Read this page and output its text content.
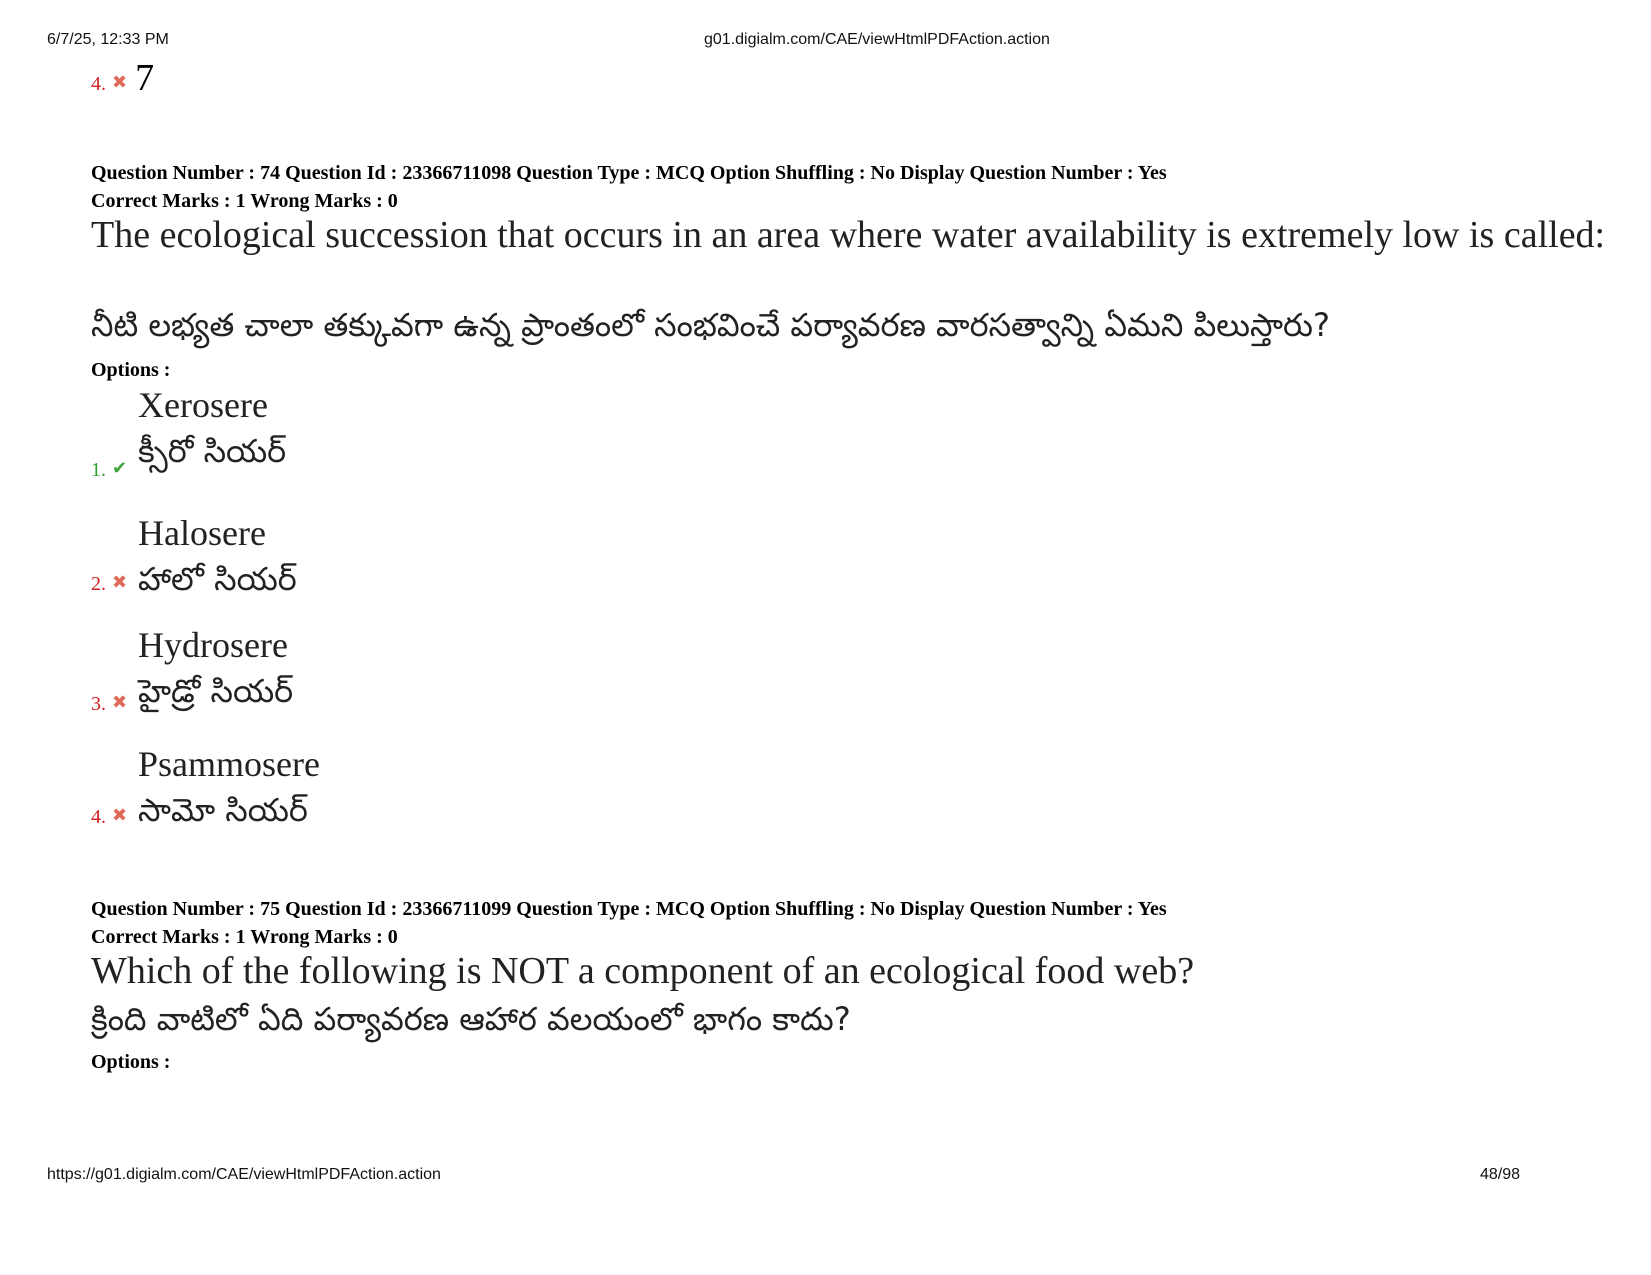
6/7/25, 12:33 PM	g01.digialm.com/CAE/viewHtmlPDFAction.action
4. ✖ 7
Question Number : 74 Question Id : 23366711098 Question Type : MCQ Option Shuffling : No Display Question Number : Yes
Correct Marks : 1 Wrong Marks : 0
The ecological succession that occurs in an area where water availability is extremely low is called:
నీటి లభ్యత చాలా తక్కువగా ఉన్న ప్రాంతంలో సంభవించే పర్యావరణ వారసత్వాన్ని ఏమని పిలుస్తారు?
Options :
Xerosere
క్సీరో సియర్
1. ✔
Halosere
హాలో సియర్
2. ✖
Hydrosere
హైడ్రో సియర్
3. ✖
Psammosere
సామో సియర్
4. ✖
Question Number : 75 Question Id : 23366711099 Question Type : MCQ Option Shuffling : No Display Question Number : Yes
Correct Marks : 1 Wrong Marks : 0
Which of the following is NOT a component of an ecological food web?
క్రింది వాటిలో ఏది పర్యావరణ ఆహార వలయంలో భాగం కాదు?
Options :
https://g01.digialm.com/CAE/viewHtmlPDFAction.action	48/98
